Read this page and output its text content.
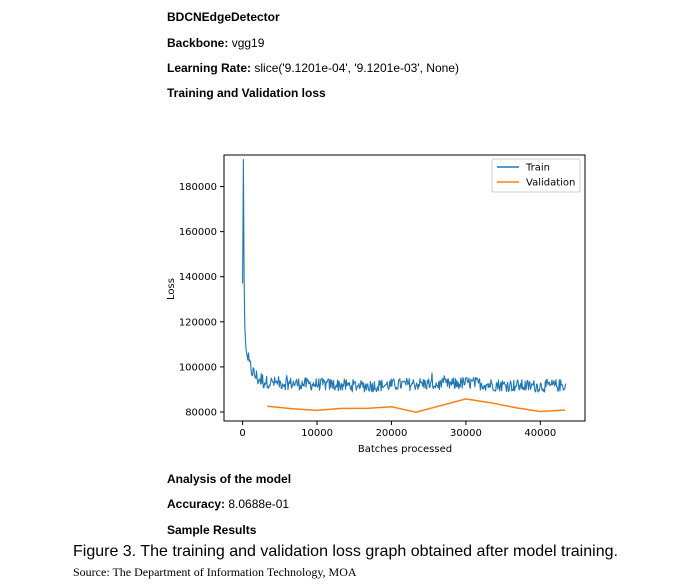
BDCNEdgeDetector
Backbone: vgg19
Learning Rate: slice('9.1201e-04', '9.1201e-03', None)
Training and Validation loss
0	10000	20000	30000	40000
80000
100000
120000
140000
160000
180000
Batches processed
Loss
Train
Validation
Analysis of the model
Accuracy: 8.0688e-01
Sample Results
Figure 3. The training and validation loss graph obtained after model training.
Source: The Department of Information Technology, MOA
